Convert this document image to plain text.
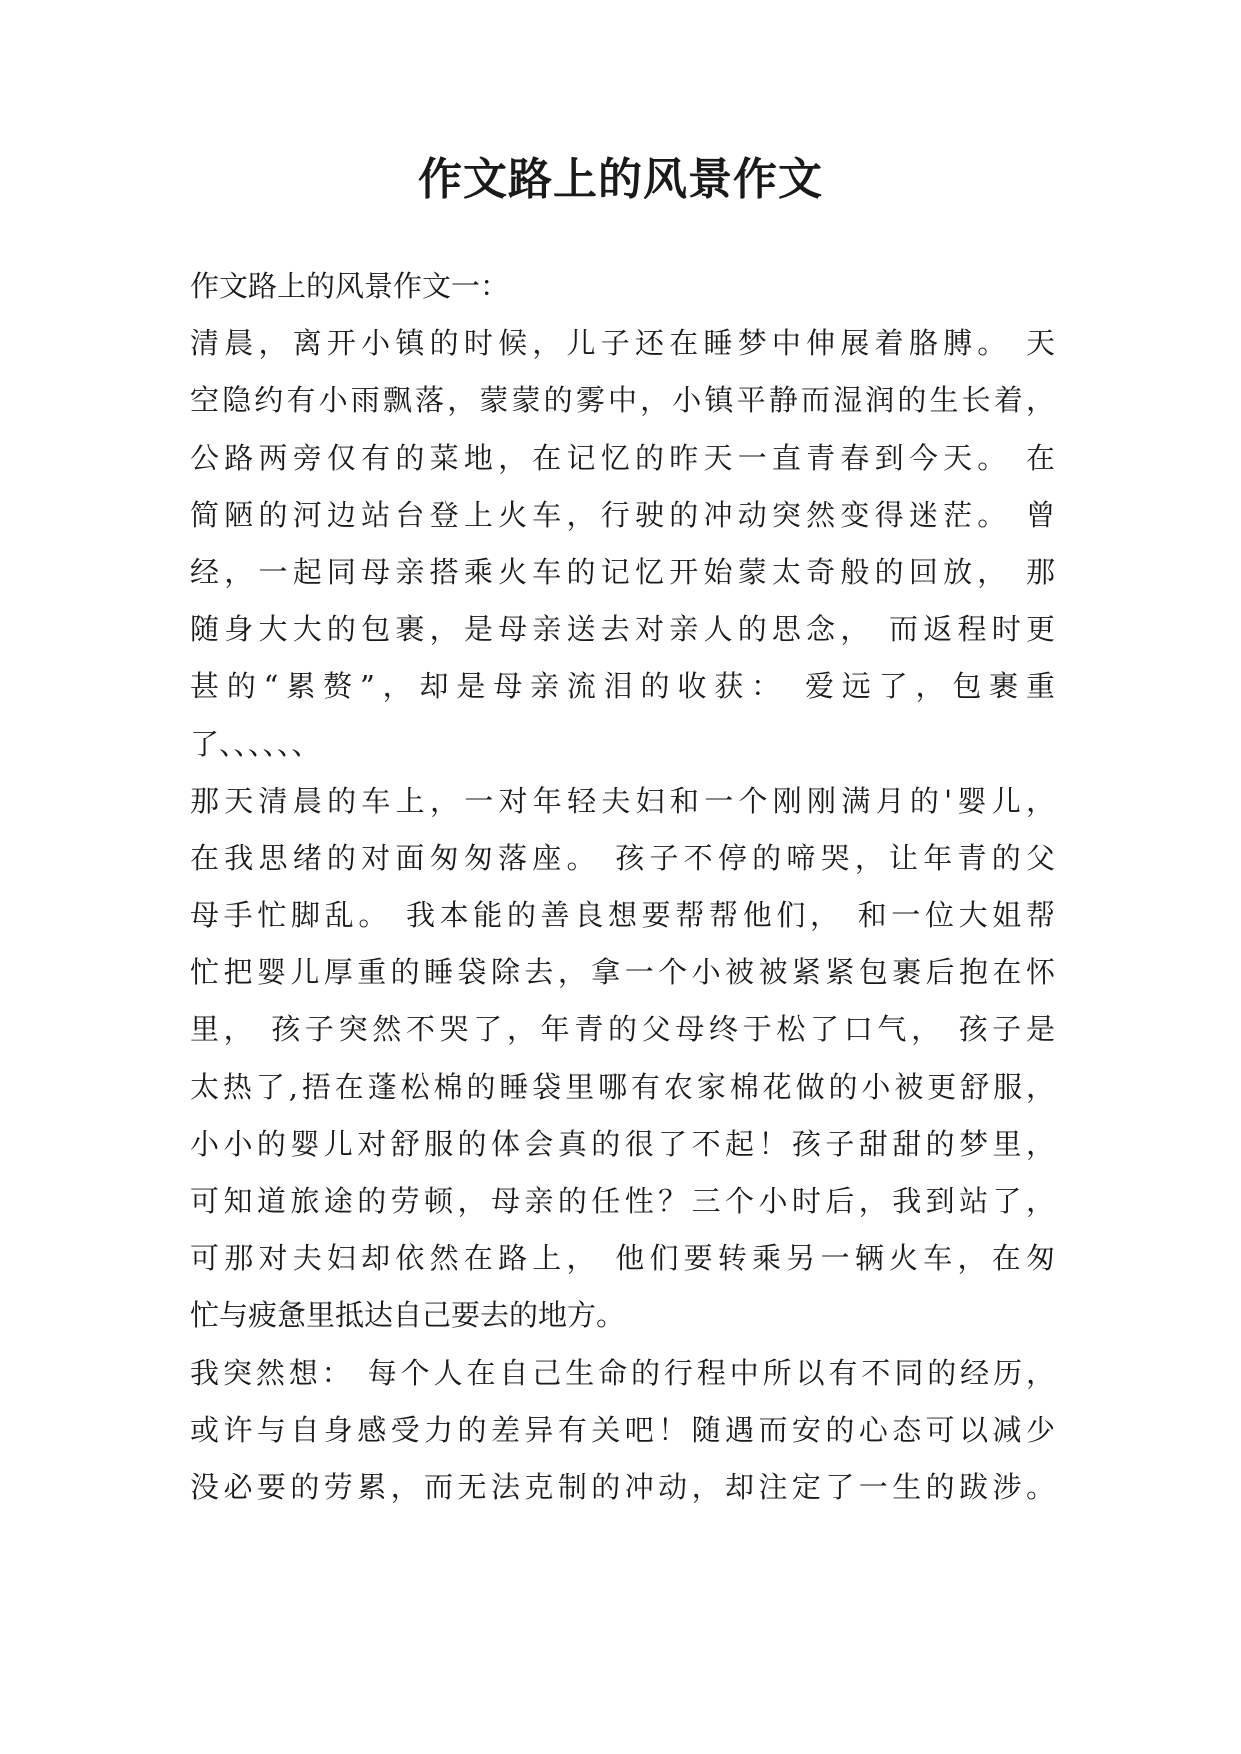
作文路上的风景作文
作文路上的风景作文一：
清晨，离开小镇的时候，儿子还在睡梦中伸展着胳膊。 天
空隐约有小雨飘落，蒙蒙的雾中，小镇平静而湿润的生长着，
公路两旁仅有的菜地，在记忆的昨天一直青春到今天。 在
简陋的河边站台登上火车，行驶的冲动突然变得迷茫。 曾
经，一起同母亲搭乘火车的记忆开始蒙太奇般的回放， 那
随身大大的包裹，是母亲送去对亲人的思念， 而返程时更
甚的“累赘”，却是母亲流泪的收获： 爱远了，包裹重
了、、、、、、
那天清晨的车上，一对年轻夫妇和一个刚刚满月的'婴儿，
在我思绪的对面匆匆落座。 孩子不停的啼哭，让年青的父
母手忙脚乱。 我本能的善良想要帮帮他们， 和一位大姐帮
忙把婴儿厚重的睡袋除去，拿一个小被被紧紧包裹后抱在怀
里， 孩子突然不哭了，年青的父母终于松了口气， 孩子是
太热了,捂在蓬松棉的睡袋里哪有农家棉花做的小被更舒服，
小小的婴儿对舒服的体会真的很了不起！孩子甜甜的梦里，
可知道旅途的劳顿，母亲的任性？三个小时后，我到站了，
可那对夫妇却依然在路上， 他们要转乘另一辆火车，在匆
忙与疲惫里抵达自己要去的地方。
我突然想： 每个人在自己生命的行程中所以有不同的经历，
或许与自身感受力的差异有关吧！随遇而安的心态可以减少
没必要的劳累，而无法克制的冲动，却注定了一生的跋涉。
